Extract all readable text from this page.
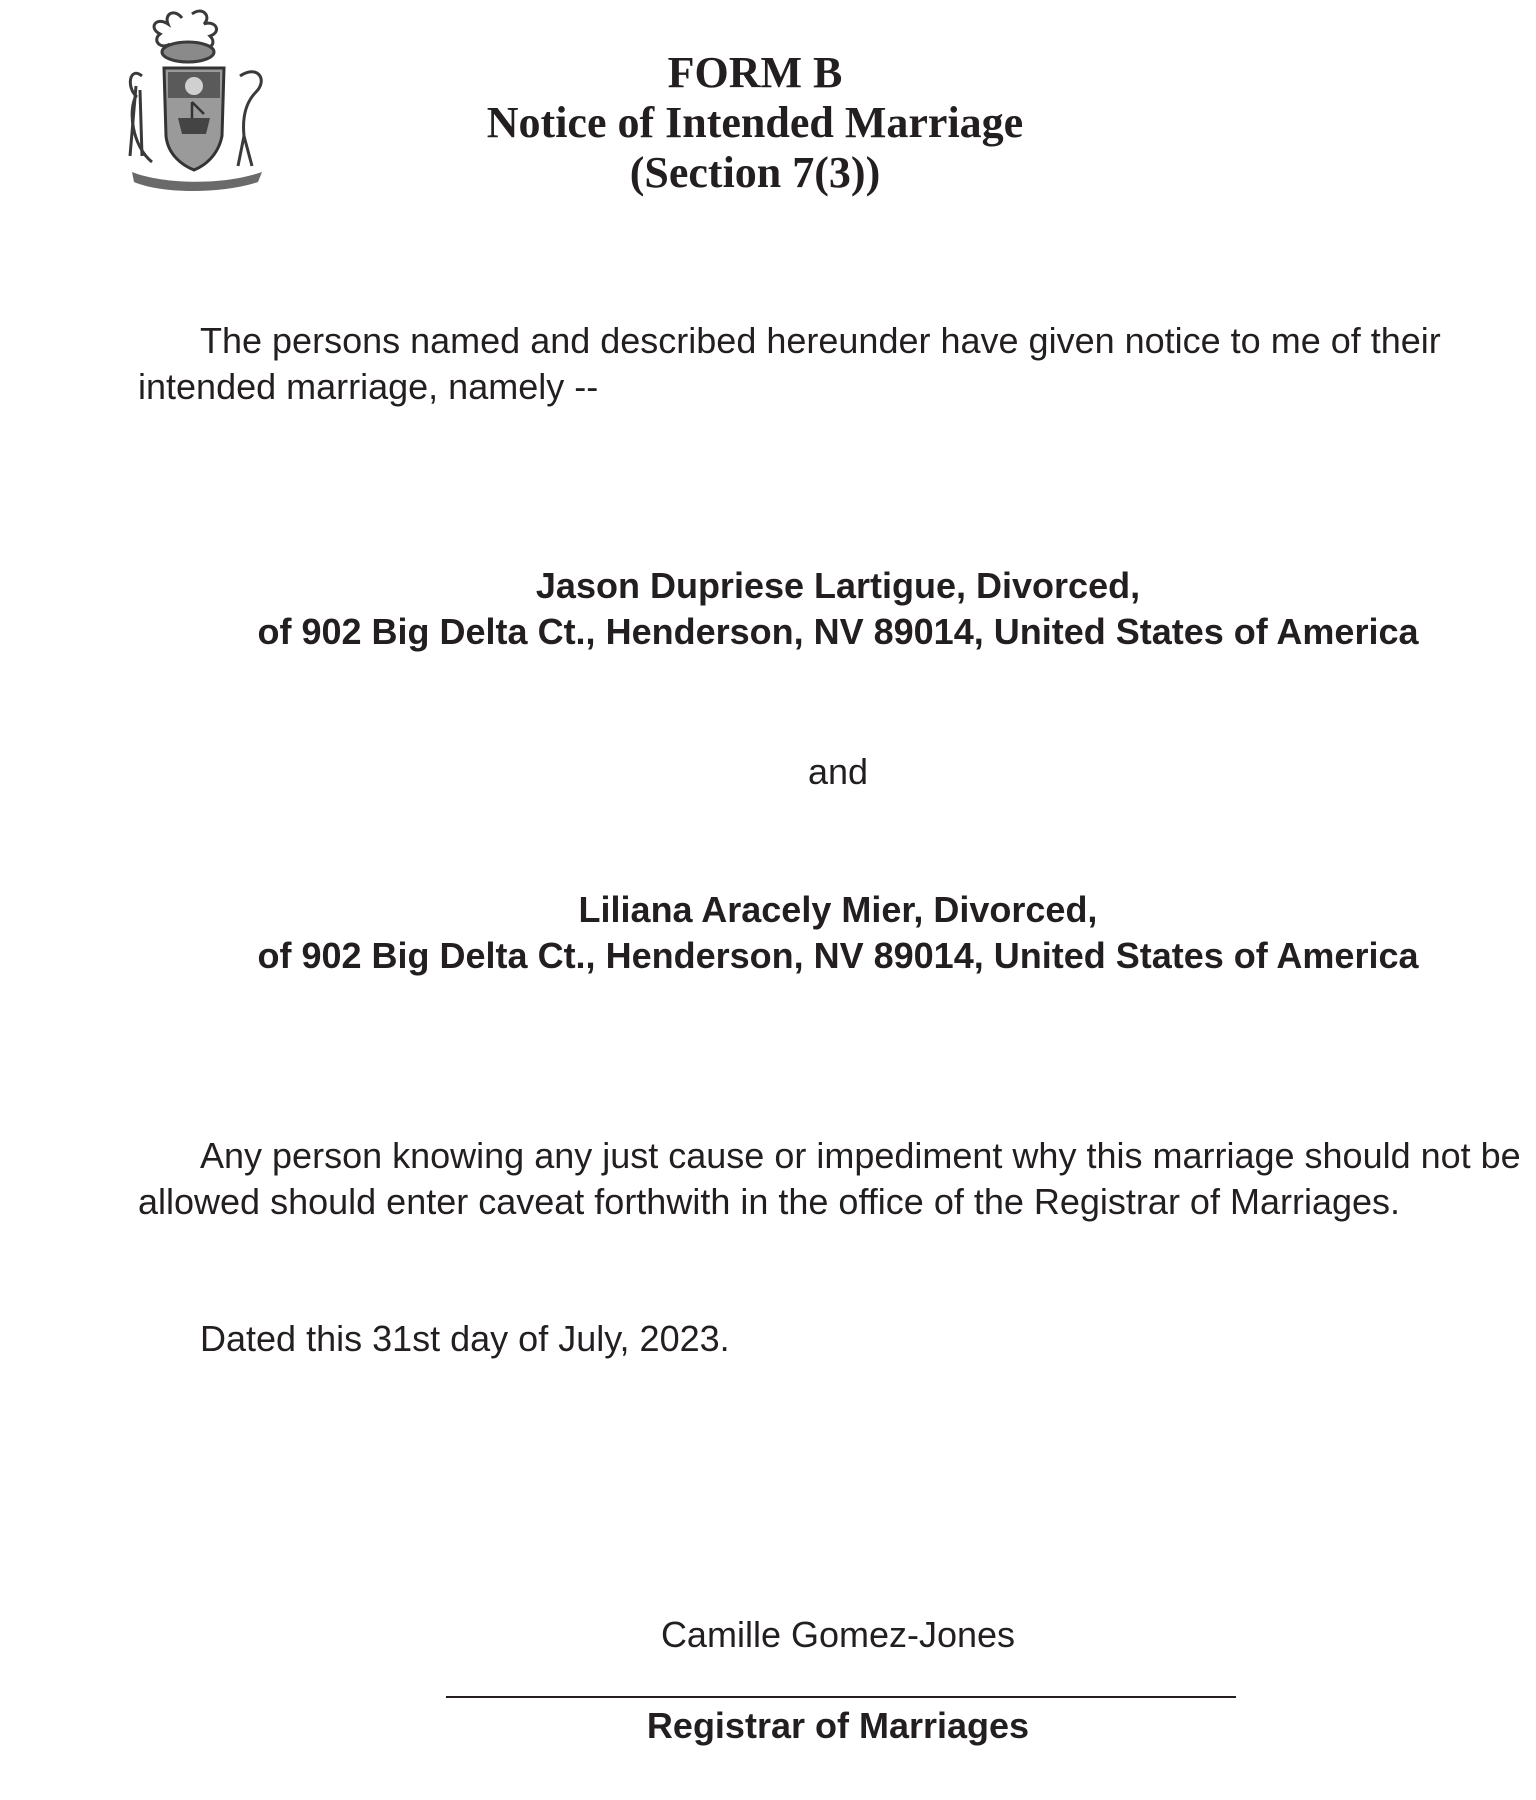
FORM B
Notice of Intended Marriage
(Section 7(3))
The persons named and described hereunder have given notice to me of their intended marriage, namely --
Jason Dupriese Lartigue, Divorced,
of 902 Big Delta Ct., Henderson, NV 89014, United States of America
and
Liliana Aracely Mier, Divorced,
of 902 Big Delta Ct., Henderson, NV 89014, United States of America
Any person knowing any just cause or impediment why this marriage should not be allowed should enter caveat forthwith in the office of the Registrar of Marriages.
Dated this 31st day of July, 2023.
Camille Gomez-Jones
Registrar of Marriages
